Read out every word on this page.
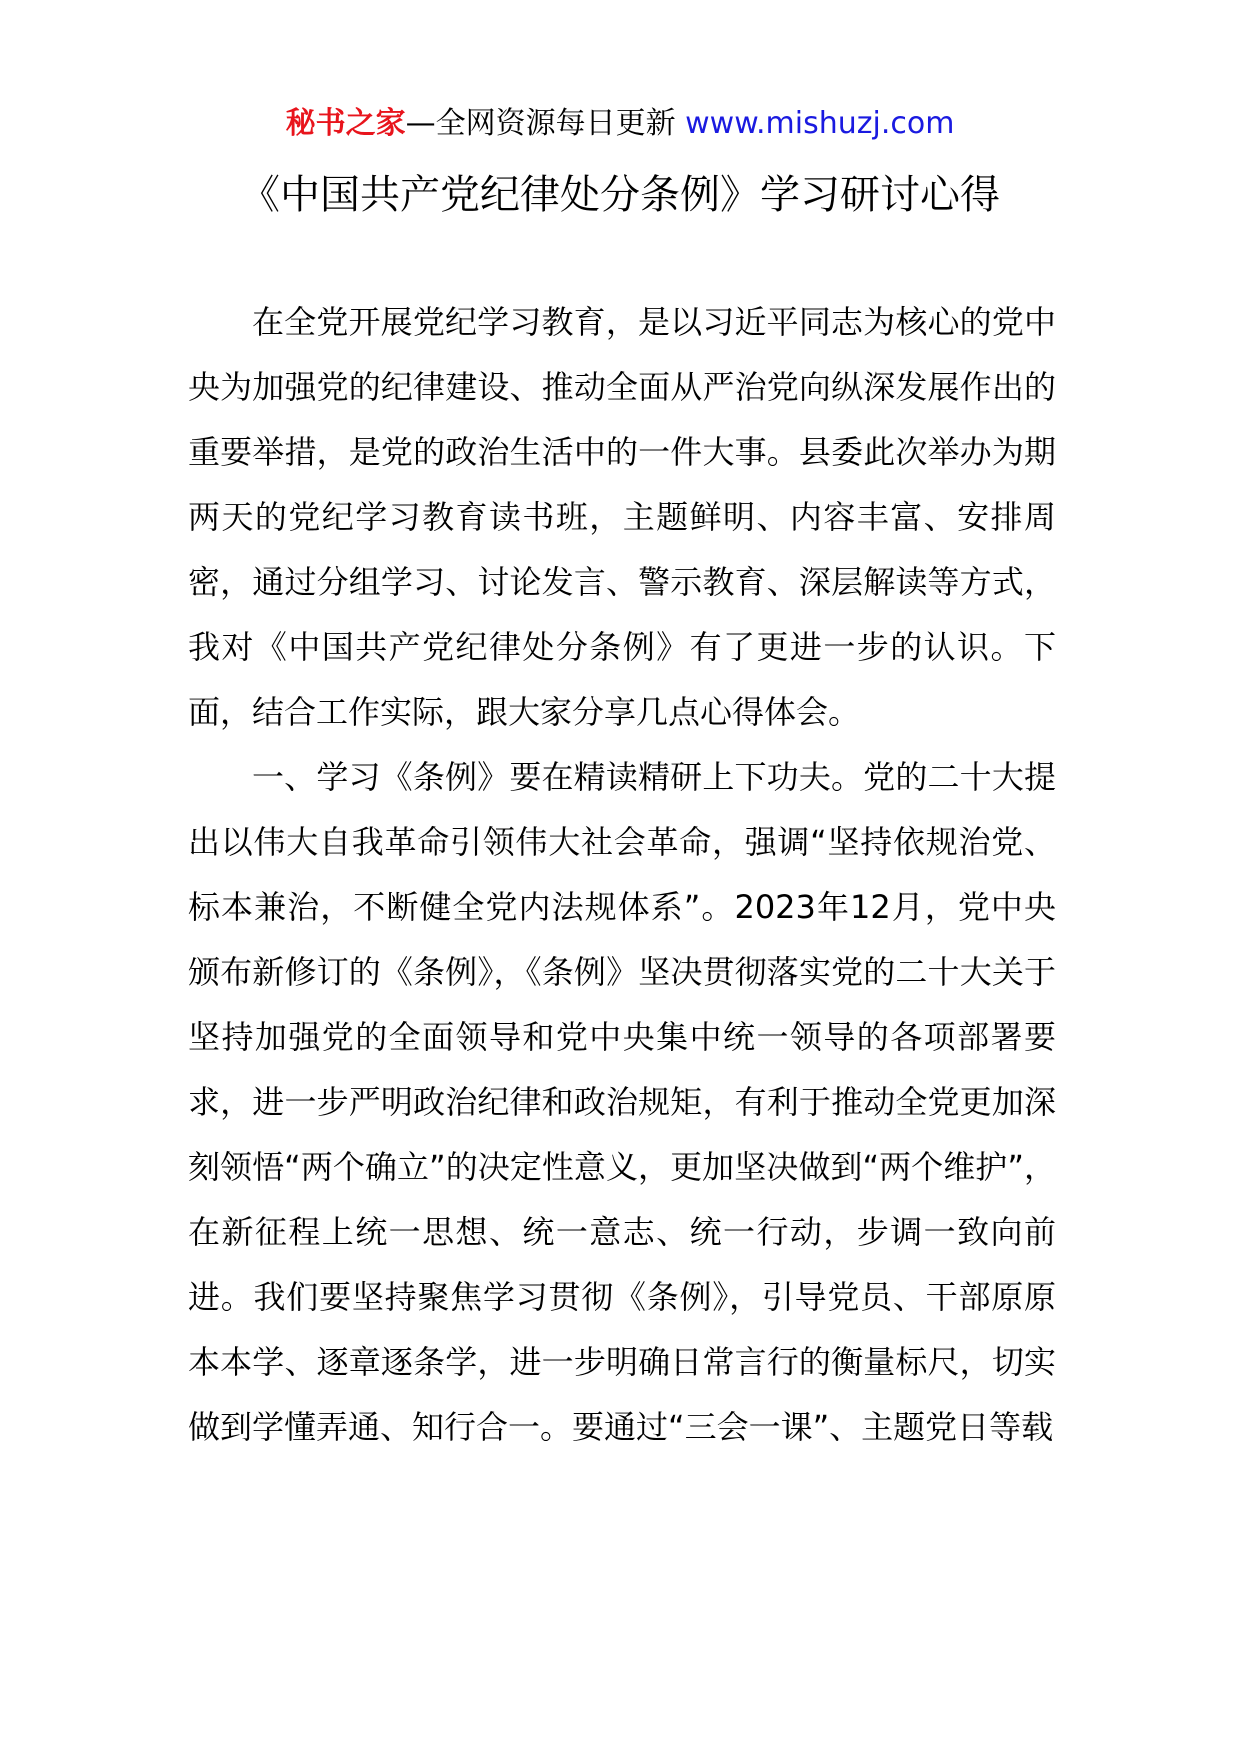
秘书之家—全网资源每日更新 www.mishuzj.com
《中国共产党纪律处分条例》学习研讨心得

在全党开展党纪学习教育，是以习近平同志为核心的党中央为加强党的纪律建设、推动全面从严治党向纵深发展作出的重要举措，是党的政治生活中的一件大事。县委此次举办为期两天的党纪学习教育读书班，主题鲜明、内容丰富、安排周密，通过分组学习、讨论发言、警示教育、深层解读等方式，我对《中国共产党纪律处分条例》有了更进一步的认识。下面，结合工作实际，跟大家分享几点心得体会。

一、学习《条例》要在精读精研上下功夫。党的二十大提出以伟大自我革命引领伟大社会革命，强调“坚持依规治党、标本兼治，不断健全党内法规体系”。2023年12月，党中央颁布新修订的《条例》，《条例》坚决贯彻落实党的二十大关于坚持加强党的全面领导和党中央集中统一领导的各项部署要求，进一步严明政治纪律和政治规矩，有利于推动全党更加深刻领悟“两个确立”的决定性意义，更加坚决做到“两个维护”，在新征程上统一思想、统一意志、统一行动，步调一致向前进。我们要坚持聚焦学习贯彻《条例》，引导党员、干部原原本本学、逐章逐条学，进一步明确日常言行的衡量标尺，切实做到学懂弄通、知行合一。要通过“三会一课”、主题党日等载
